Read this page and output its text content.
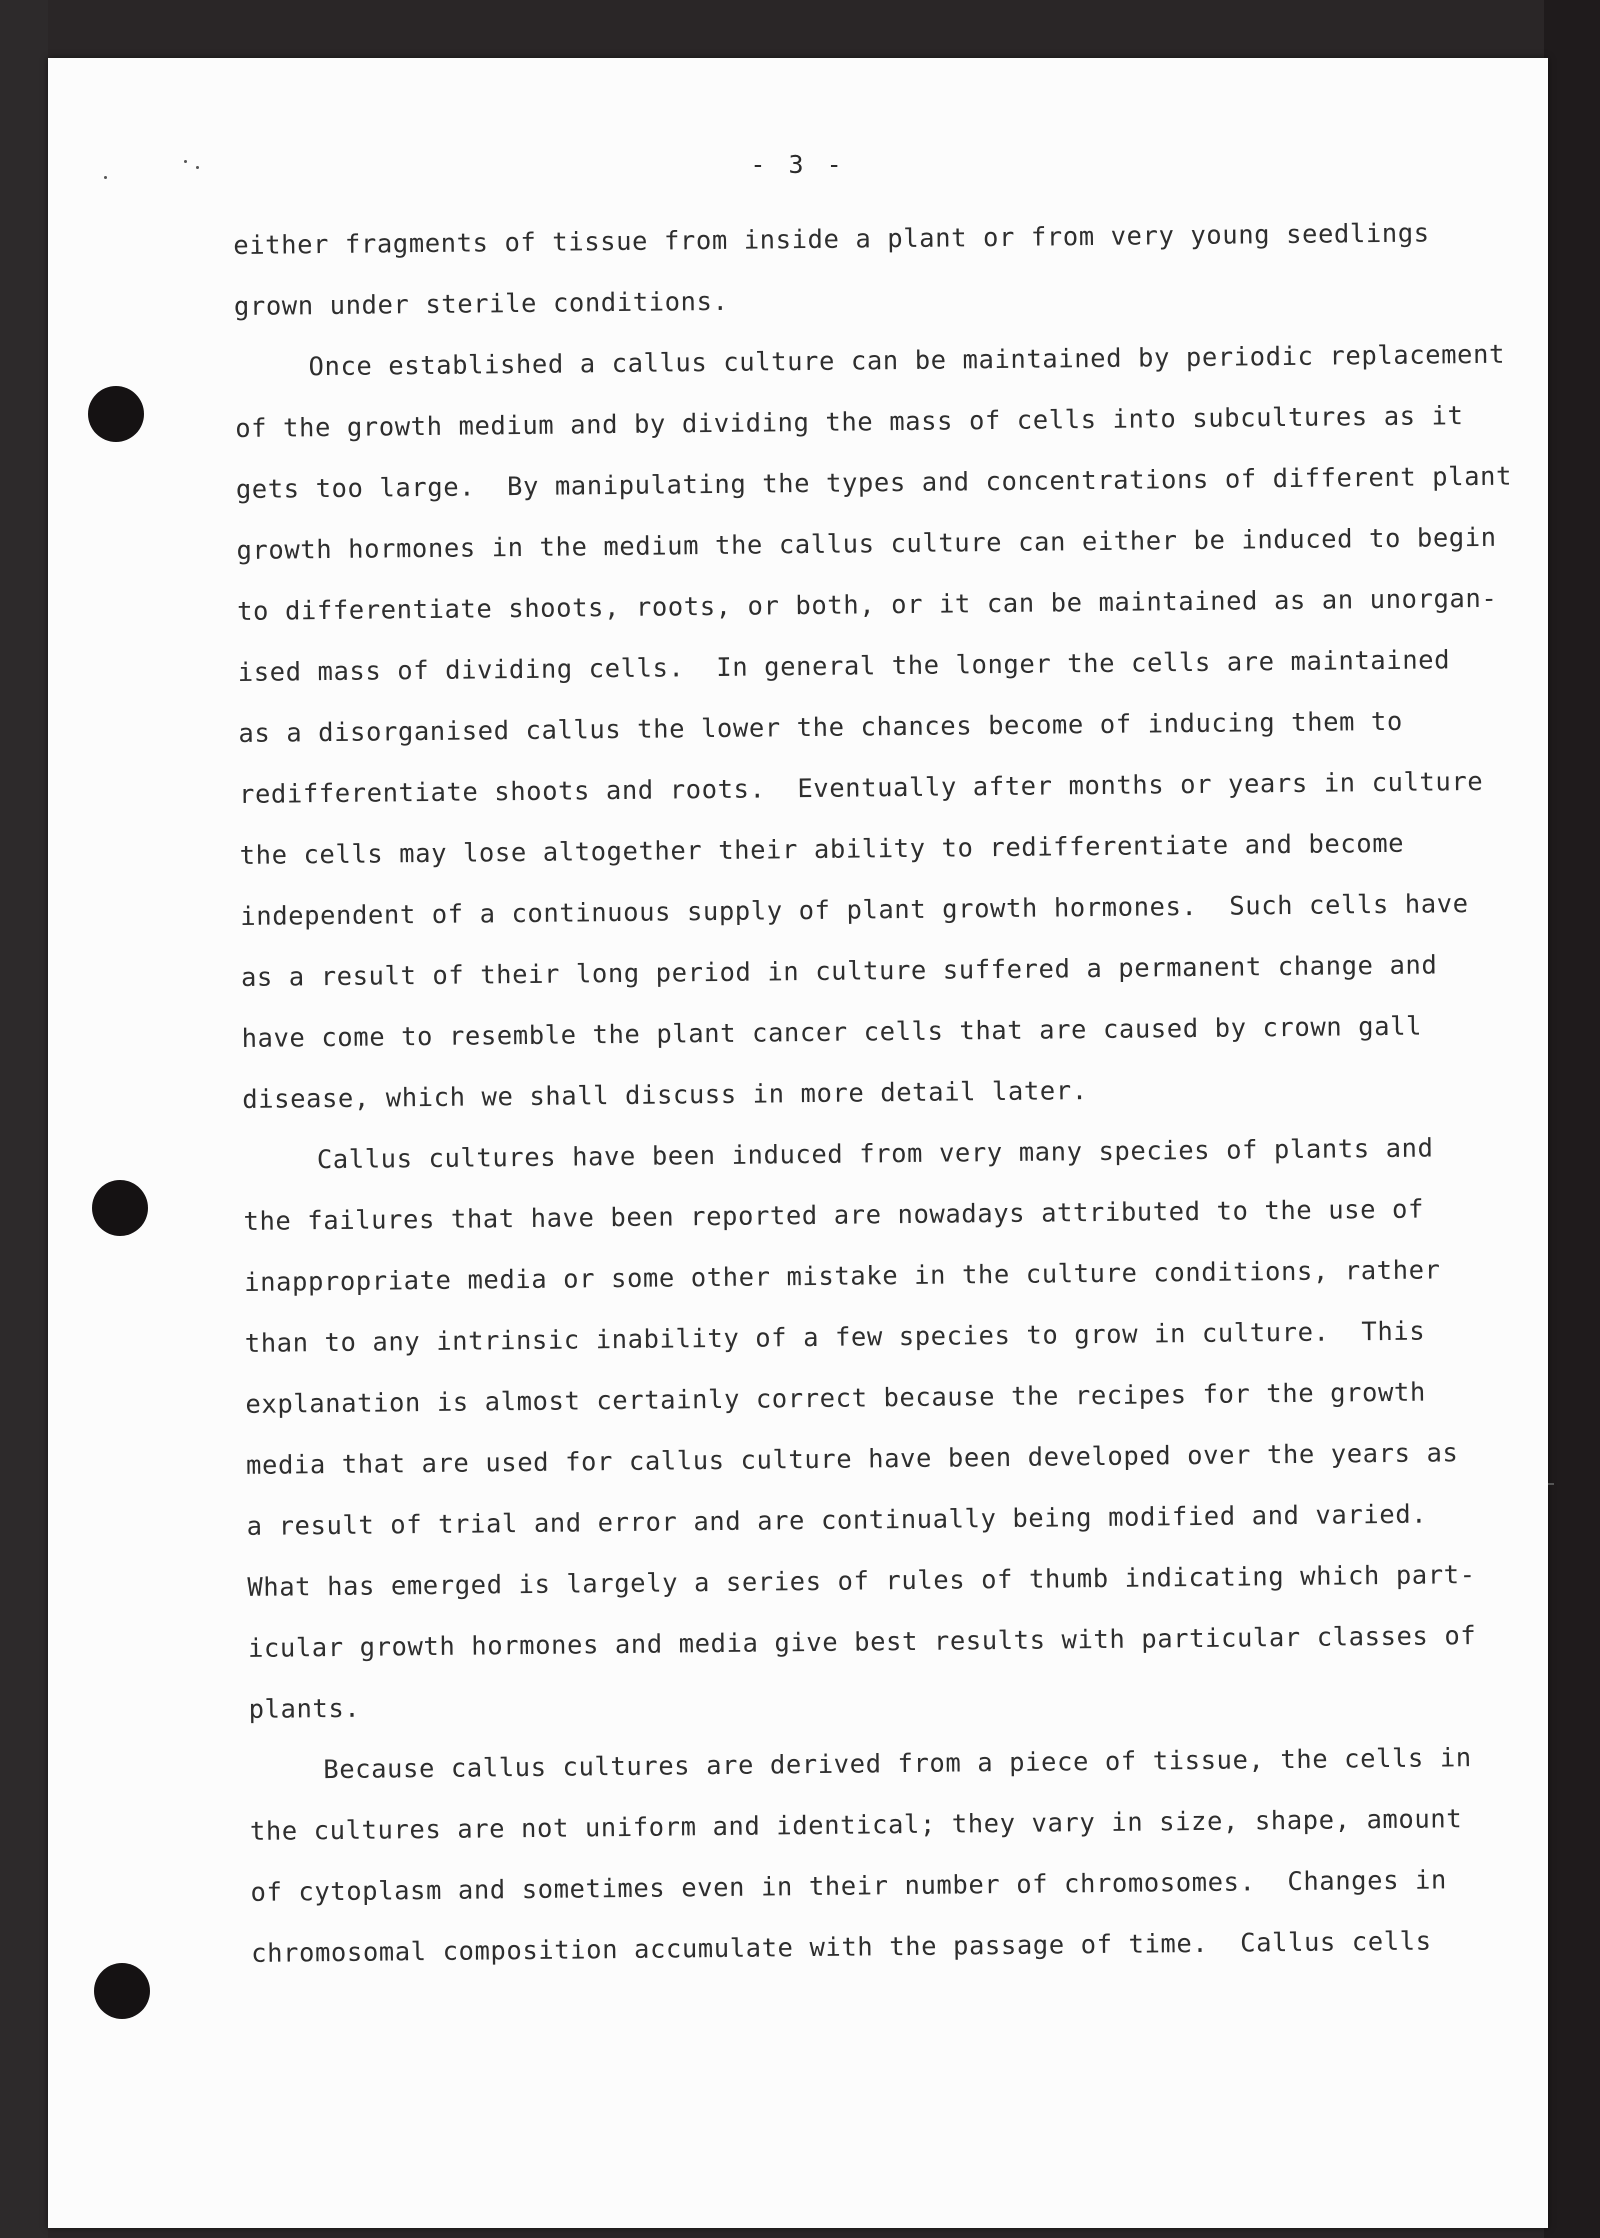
- 3 -
either fragments of tissue from inside a plant or from very young seedlings
grown under sterile conditions.
Once established a callus culture can be maintained by periodic replacement
of the growth medium and by dividing the mass of cells into subcultures as it
gets too large.  By manipulating the types and concentrations of different plant
growth hormones in the medium the callus culture can either be induced to begin
to differentiate shoots, roots, or both, or it can be maintained as an unorgan-
ised mass of dividing cells.  In general the longer the cells are maintained
as a disorganised callus the lower the chances become of inducing them to
redifferentiate shoots and roots.  Eventually after months or years in culture
the cells may lose altogether their ability to redifferentiate and become
independent of a continuous supply of plant growth hormones.  Such cells have
as a result of their long period in culture suffered a permanent change and
have come to resemble the plant cancer cells that are caused by crown gall
disease, which we shall discuss in more detail later.
Callus cultures have been induced from very many species of plants and
the failures that have been reported are nowadays attributed to the use of
inappropriate media or some other mistake in the culture conditions, rather
than to any intrinsic inability of a few species to grow in culture.  This
explanation is almost certainly correct because the recipes for the growth
media that are used for callus culture have been developed over the years as
a result of trial and error and are continually being modified and varied.
What has emerged is largely a series of rules of thumb indicating which part-
icular growth hormones and media give best results with particular classes of
plants.
Because callus cultures are derived from a piece of tissue, the cells in
the cultures are not uniform and identical; they vary in size, shape, amount
of cytoplasm and sometimes even in their number of chromosomes.  Changes in
chromosomal composition accumulate with the passage of time.  Callus cells
